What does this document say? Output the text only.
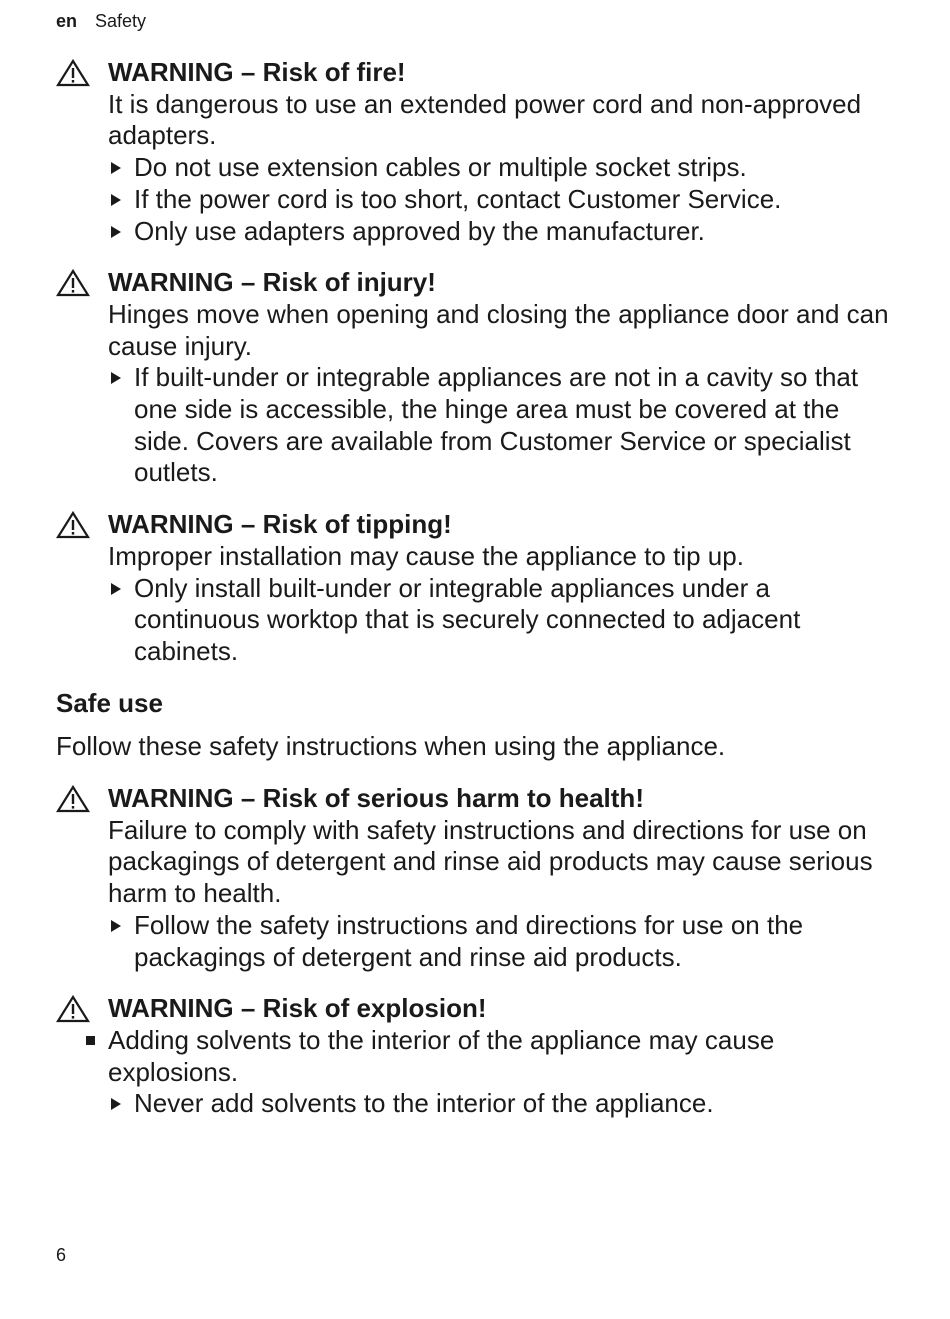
en Safety
WARNING – Risk of fire!
It is dangerous to use an extended power cord and non-approved adapters.
Do not use extension cables or multiple socket strips.
If the power cord is too short, contact Customer Service.
Only use adapters approved by the manufacturer.
WARNING – Risk of injury!
Hinges move when opening and closing the appliance door and can cause injury.
If built-under or integrable appliances are not in a cavity so that one side is accessible, the hinge area must be covered at the side. Covers are available from Customer Service or specialist outlets.
WARNING – Risk of tipping!
Improper installation may cause the appliance to tip up.
Only install built-under or integrable appliances under a continuous worktop that is securely connected to adjacent cabinets.
Safe use
Follow these safety instructions when using the appliance.
WARNING – Risk of serious harm to health!
Failure to comply with safety instructions and directions for use on packagings of detergent and rinse aid products may cause serious harm to health.
Follow the safety instructions and directions for use on the packagings of detergent and rinse aid products.
WARNING – Risk of explosion!
Adding solvents to the interior of the appliance may cause explosions.
Never add solvents to the interior of the appliance.
6
